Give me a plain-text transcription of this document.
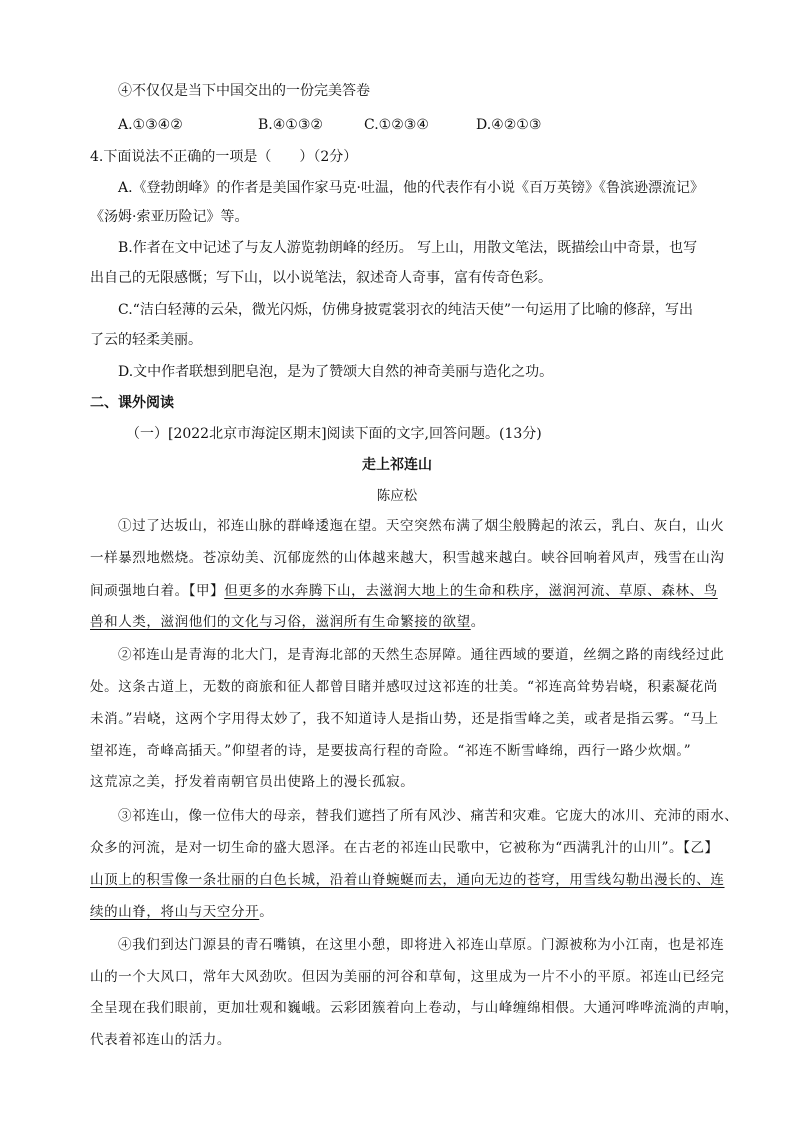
④不仅仅是当下中国交出的一份完美答卷
A.①③④②	B.④①③②	C.①②③④	D.④②①③
4.下面说法不正确的一项是（　　）（2分）
A.《登勃朗峰》的作者是美国作家马克·吐温，他的代表作有小说《百万英镑》《鲁滨逊漂流记》
《汤姆·索亚历险记》等。
B.作者在文中记述了与友人游览勃朗峰的经历。 写上山，用散文笔法，既描绘山中奇景，也写
出自己的无限感慨；写下山，以小说笔法，叙述奇人奇事，富有传奇色彩。
C.“洁白轻薄的云朵，微光闪烁，仿佛身披霓裳羽衣的纯洁天使”一句运用了比喻的修辞，写出
了云的轻柔美丽。
D.文中作者联想到肥皂泡，是为了赞颂大自然的神奇美丽与造化之功。
二、课外阅读
（一）[2022北京市海淀区期末]阅读下面的文字,回答问题。(13分)
走上祁连山
陈应松
①过了达坂山，祁连山脉的群峰逶迤在望。天空突然布满了烟尘般腾起的浓云，乳白、灰白，山火
一样暴烈地燃烧。苍凉幼美、沉郁庞然的山体越来越大，积雪越来越白。峡谷回响着风声，残雪在山沟
间顽强地白着。【甲】但更多的水奔腾下山，去滋润大地上的生命和秩序，滋润河流、草原、森林、鸟
兽和人类，滋润他们的文化与习俗，滋润所有生命繁接的欲望。
②祁连山是青海的北大门，是青海北部的天然生态屏障。通往西域的要道，丝绸之路的南线经过此
处。这条古道上，无数的商旅和征人都曾目睹并感叹过这祁连的壮美。“祁连高耸势岩峣，积素凝花尚
未消。”岩峣，这两个字用得太妙了，我不知道诗人是指山势，还是指雪峰之美，或者是指云雾。“马上
望祁连，奇峰高插天。”仰望者的诗，是要拔高行程的奇险。“祁连不断雪峰绵，西行一路少炊烟。”
这荒凉之美，抒发着南朝官员出使路上的漫长孤寂。
③祁连山，像一位伟大的母亲，替我们遮挡了所有风沙、痛苦和灾难。它庞大的冰川、充沛的雨水、
众多的河流，是对一切生命的盛大恩泽。在古老的祁连山民歌中，它被称为“西满乳汁的山川”。【乙】
山顶上的积雪像一条壮丽的白色长城，沿着山脊蜿蜒而去，通向无边的苍穹，用雪线勾勒出漫长的、连
续的山脊，将山与天空分开。
④我们到达门源县的青石嘴镇，在这里小憩，即将进入祁连山草原。门源被称为小江南，也是祁连
山的一个大风口，常年大风劲吹。但因为美丽的河谷和草甸，这里成为一片不小的平原。祁连山已经完
全呈现在我们眼前，更加壮观和巍峨。云彩团簇着向上卷动，与山峰缠绵相偎。大通河哗哗流淌的声响，
代表着祁连山的活力。
